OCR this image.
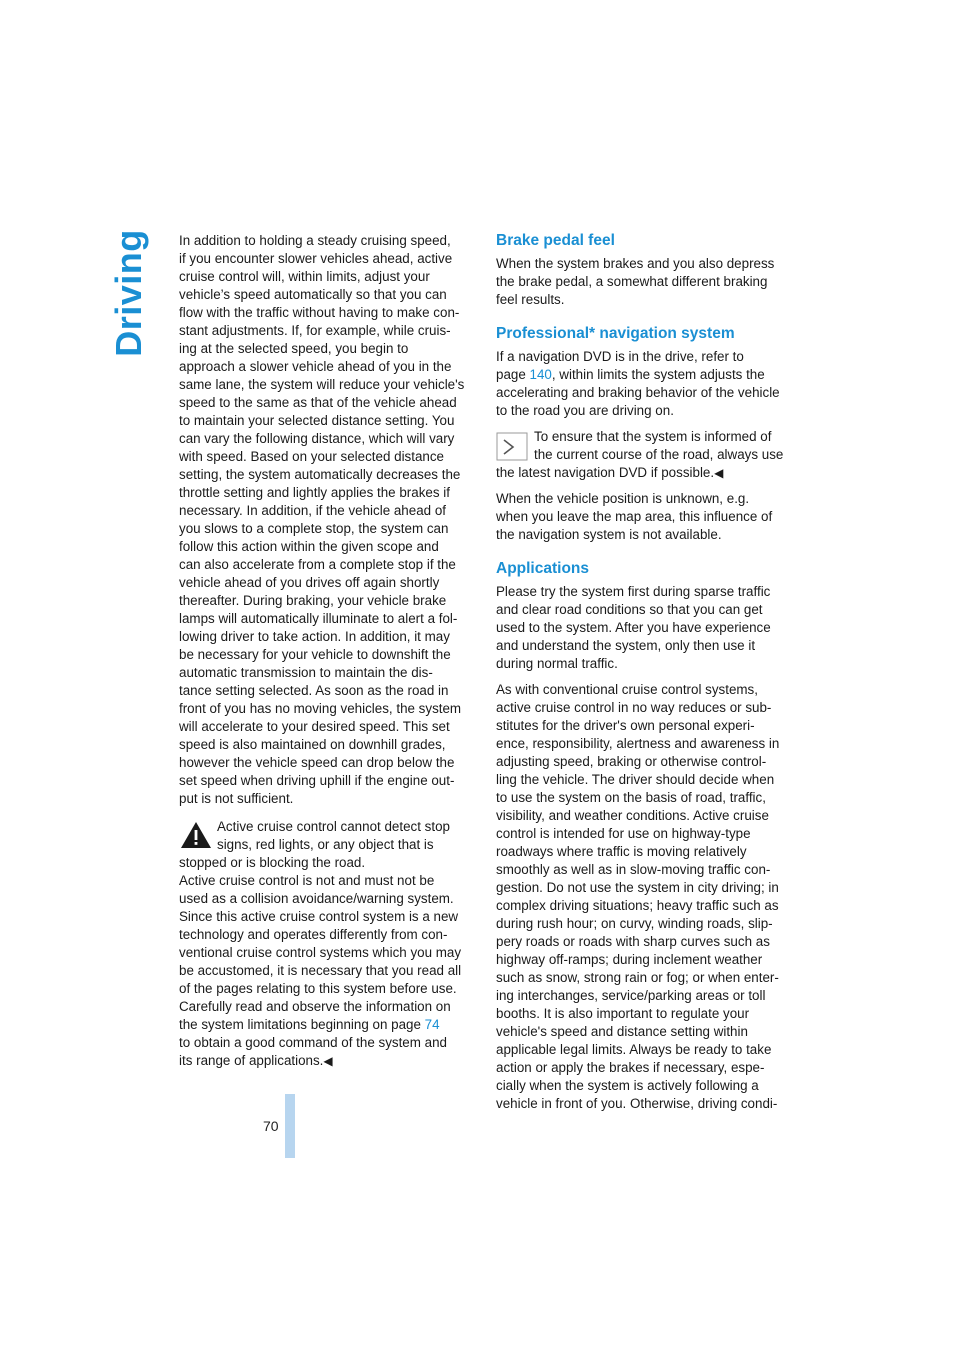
Driving In addition to holding a steady cruising speed,
if you encounter slower vehicles ahead, active
cruise control will, within limits, adjust your
vehicle’s speed automatically so that you can
flow with the traffic without having to make con-
stant adjustments. If, for example, while cruis-
ing at the selected speed, you begin to
approach a slower vehicle ahead of you in the
same lane, the system will reduce your vehicle's
speed to the same as that of the vehicle ahead
to maintain your selected distance setting. You
can vary the following distance, which will vary
with speed. Based on your selected distance
setting, the system automatically decreases the
throttle setting and lightly applies the brakes if
necessary. In addition, if the vehicle ahead of
you slows to a complete stop, the system can
follow this action within the given scope and
can also accelerate from a complete stop if the
vehicle ahead of you drives off again shortly
thereafter. During braking, your vehicle brake
lamps will automatically illuminate to alert a fol-
lowing driver to take action. In addition, it may
be necessary for your vehicle to downshift the
automatic transmission to maintain the dis-
tance setting selected. As soon as the road in
front of you has no moving vehicles, the system
will accelerate to your desired speed. This set
speed is also maintained on downhill grades,
however the vehicle speed can drop below the
set speed when driving uphill if the engine out-
put is not sufficient.

Active cruise control cannot detect stop
signs, red lights, or any object that is
stopped or is blocking the road.
Active cruise control is not and must not be
used as a collision avoidance/warning system.
Since this active cruise control system is a new
technology and operates differently from con-
ventional cruise control systems which you may
be accustomed, it is necessary that you read all
of the pages relating to this system before use.
Carefully read and observe the information on
the system limitations beginning on page 74
to obtain a good command of the system and
its range of applications.◀
Brake pedal feel

When the system brakes and you also depress
the brake pedal, a somewhat different braking
feel results.

Professional* navigation system

If a navigation DVD is in the drive, refer to
page 140, within limits the system adjusts the
accelerating and braking behavior of the vehicle
to the road you are driving on.

To ensure that the system is informed of
the current course of the road, always use
the latest navigation DVD if possible.◀

When the vehicle position is unknown, e.g.
when you leave the map area, this influence of
the navigation system is not available.

Applications

Please try the system first during sparse traffic
and clear road conditions so that you can get
used to the system. After you have experience
and understand the system, only then use it
during normal traffic.

As with conventional cruise control systems,
active cruise control in no way reduces or sub-
stitutes for the driver's own personal experi-
ence, responsibility, alertness and awareness in
adjusting speed, braking or otherwise control-
ling the vehicle. The driver should decide when
to use the system on the basis of road, traffic,
visibility, and weather conditions. Active cruise
control is intended for use on highway-type
roadways where traffic is moving relatively
smoothly as well as in slow-moving traffic con-
gestion. Do not use the system in city driving; in
complex driving situations; heavy traffic such as
during rush hour; on curvy, winding roads, slip-
pery roads or roads with sharp curves such as
highway off-ramps; during inclement weather
such as snow, strong rain or fog; or when enter-
ing interchanges, service/parking areas or toll
booths. It is also important to regulate your
vehicle's speed and distance setting within
applicable legal limits. Always be ready to take
action or apply the brakes if necessary, espe-
cially when the system is actively following a
vehicle in front of you. Otherwise, driving condi-

70
